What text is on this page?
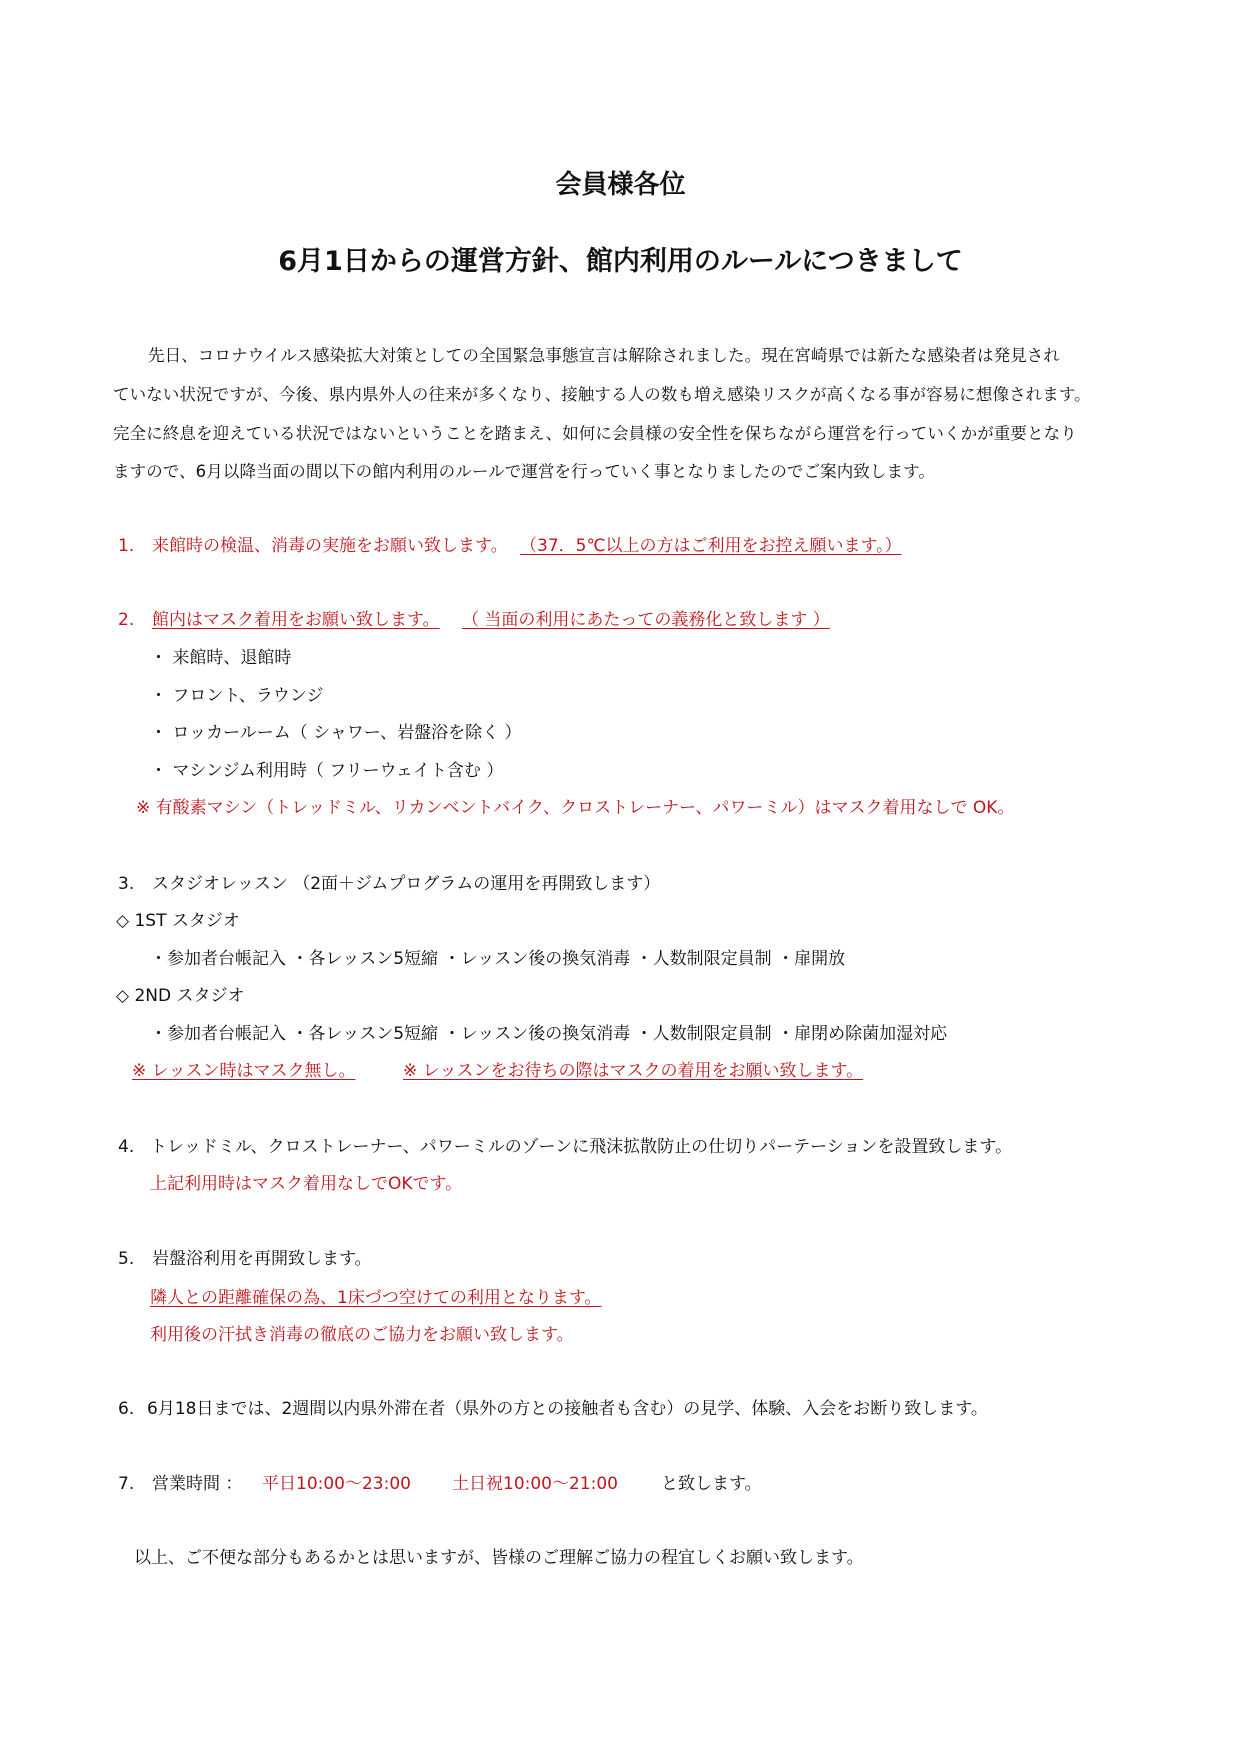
会員様各位
6月1日からの運営方針、館内利用のルールにつきまして
先日、コロナウイルス感染拡大対策としての全国緊急事態宣言は解除されました。現在宮崎県では新たな感染者は発見され
ていない状況ですが、今後、県内県外人の往来が多くなり、接触する人の数も増え感染リスクが高くなる事が容易に想像されます。
完全に終息を迎えている状況ではないということを踏まえ、如何に会員様の安全性を保ちながら運営を行っていくかが重要となり
ますので、6月以降当面の間以下の館内利用のルールで運営を行っていく事となりましたのでご案内致します。
1. 来館時の検温、消毒の実施をお願い致します。 （37．5℃以上の方はご利用をお控え願います。）
2. 館内はマスク着用をお願い致します。 （ 当面の利用にあたっての義務化と致します ）
・ 来館時、退館時
・ フロント、ラウンジ
・ ロッカールーム（ シャワー、岩盤浴を除く ）
・ マシンジム利用時（ フリーウェイト含む ）
※ 有酸素マシン（トレッドミル、リカンベントバイク、クロストレーナー、パワーミル）はマスク着用なしで OK。
3. スタジオレッスン （2面＋ジムプログラムの運用を再開致します）
◇ 1ST スタジオ
・参加者台帳記入 ・各レッスン5短縮 ・レッスン後の換気消毒 ・人数制限定員制 ・扉開放
◇ 2ND スタジオ
・参加者台帳記入 ・各レッスン5短縮 ・レッスン後の換気消毒 ・人数制限定員制 ・扉閉め除菌加湿対応
※ レッスン時はマスク無し。	※ レッスンをお待ちの際はマスクの着用をお願い致します。
4. トレッドミル、クロストレーナー、パワーミルのゾーンに飛沫拡散防止の仕切りパーテーションを設置致します。
上記利用時はマスク着用なしでOKです。
5. 岩盤浴利用を再開致します。
隣人との距離確保の為、1床づつ空けての利用となります。
利用後の汗拭き消毒の徹底のご協力をお願い致します。
6. 6月18日までは、2週間以内県外滞在者（県外の方との接触者も含む）の見学、体験、入会をお断り致します。
7. 営業時間 ： 平日10:00～23:00 土日祝10:00～21:00	と致します。
以上、ご不便な部分もあるかとは思いますが、皆様のご理解ご協力の程宜しくお願い致します。
